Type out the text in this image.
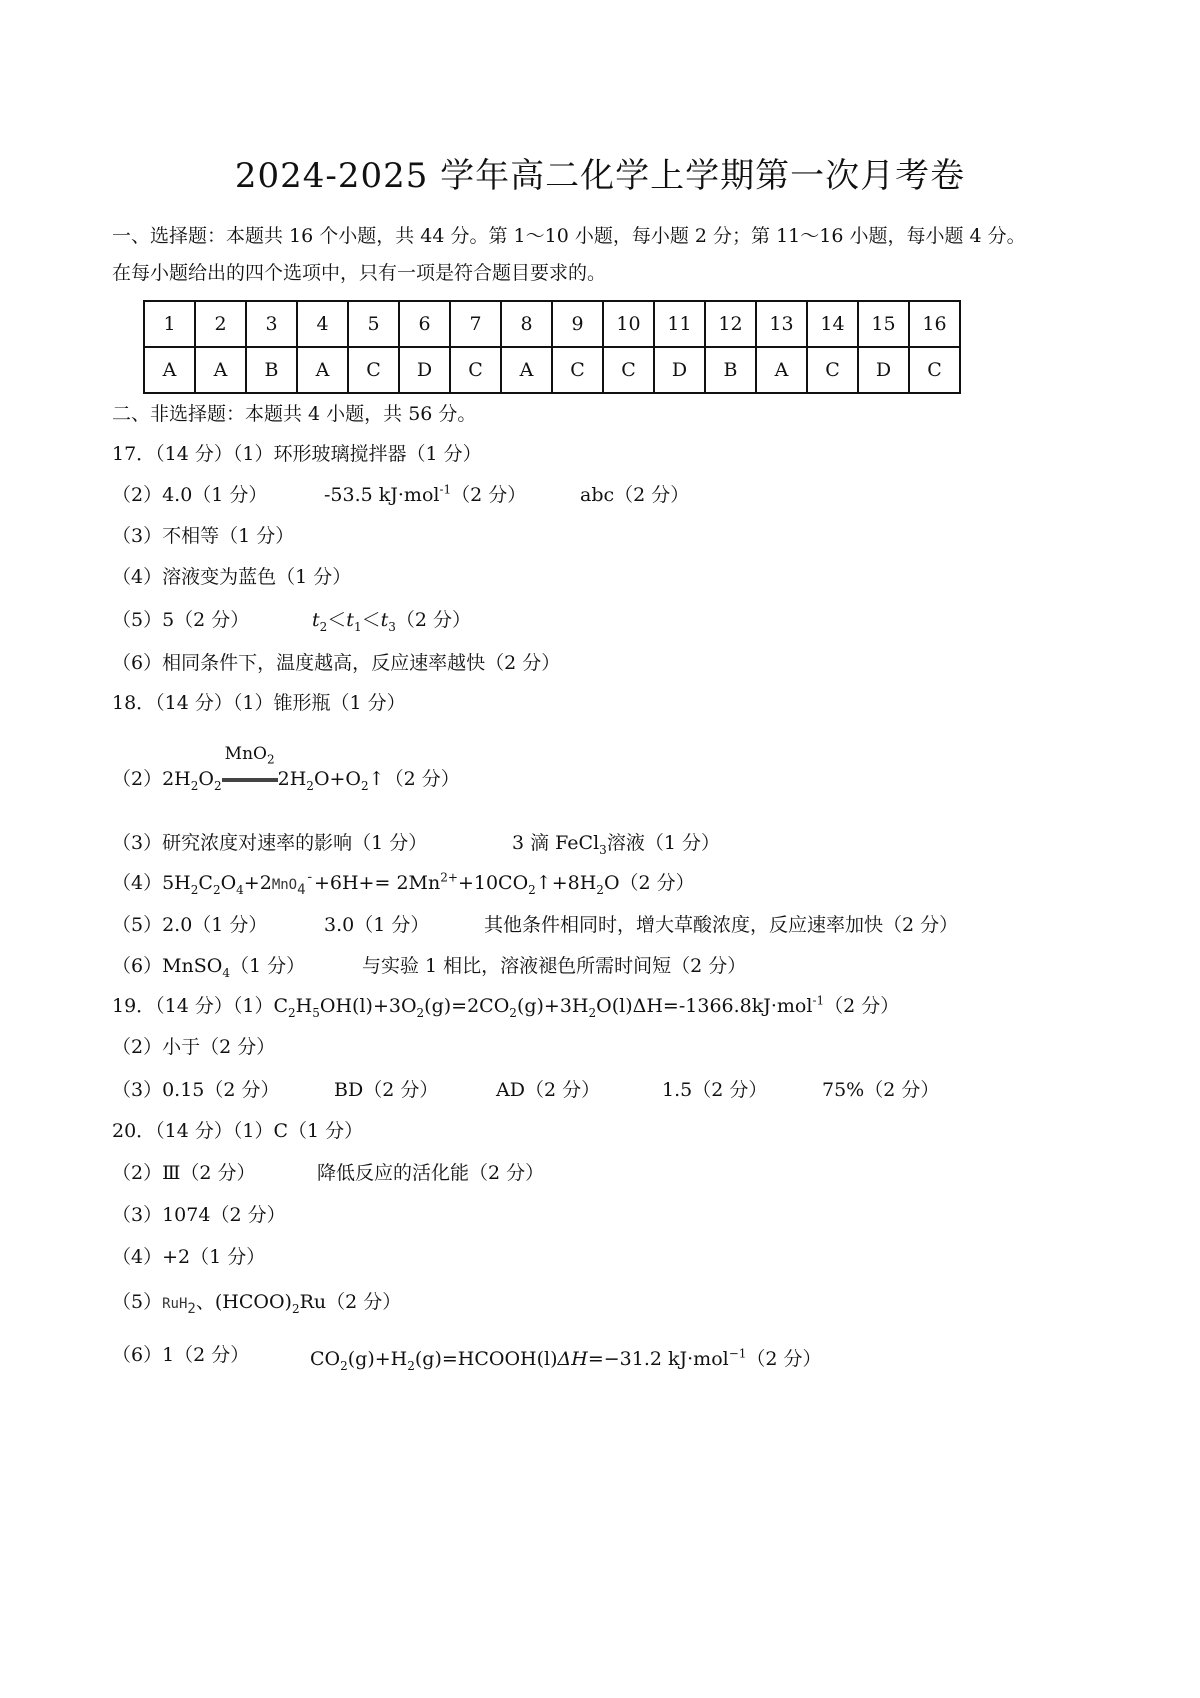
2024-2025 学年高二化学上学期第一次月考卷
一、选择题：本题共 16 个小题，共 44 分。第 1～10 小题，每小题 2 分；第 11～16 小题，每小题 4 分。在每小题给出的四个选项中，只有一项是符合题目要求的。
1	2	3	4	5	6	7	8	9	10	11	12	13	14	15	16
A	A	B	A	C	D	C	A	C	C	D	B	A	C	D	C
二、非选择题：本题共 4 小题，共 56 分。
17．（14 分）（1）环形玻璃搅拌器（1 分）
（2）4.0（1 分）	-53.5 kJ·mol$^{-1}$（2 分）	abc（2 分）
（3）不相等（1 分）
（4）溶液变为蓝色（1 分）
（5）5（2 分）	$t_2<t_1<t_3(2$ 分）
（6）相同条件下，温度越高，反应速率越快（2 分）
18．（14 分）（1）锥形瓶（1 分）
$(2)2H_2O_2$
MnO$_2$
$2H_2O+O_2↑(2$ 分）
（3）研究浓度对速率的影响（1 分）	3 滴 FeCl$_3$溶液（1 分）
$(4)5H_2C_2O_4+2MnO_4^-+6H+=$ $2Mn^{2+}+10CO_2↑+8H_2O(2$ 分）
（5）2.0（1 分）	3.0（1 分）	其他条件相同时，增大草酸浓度，反应速率加快（2 分）
（6）MnSO$_4$（1 分）	与实验 1 相比，溶液褪色所需时间短（2 分）
19．（14 分）$(1)C_2H_5OH(l)+3O_2(g)=2CO_2(g)+3H_2O(l)\Delta H=-1366.8kJ\cdot mol^{-1}(2$ 分）
（2）小于（2 分）
（3）0.15（2 分）	BD（2 分）	AD（2 分）	1.5（2 分）	75%（2 分）
20．（14 分）（1）C（1 分）
（2）Ⅲ（2 分）	降低反应的活化能（2 分）
（3）1074（2 分）
（4）+2（1 分）
（5）RuH$_2$、$(HCOO)_2Ru(2$ 分）
（6）1（2 分）	$CO_2(g)+H_2(g)=HCOOH(l)\Delta H=-31.2$ kJ·mol$^{-1}$（2 分）
